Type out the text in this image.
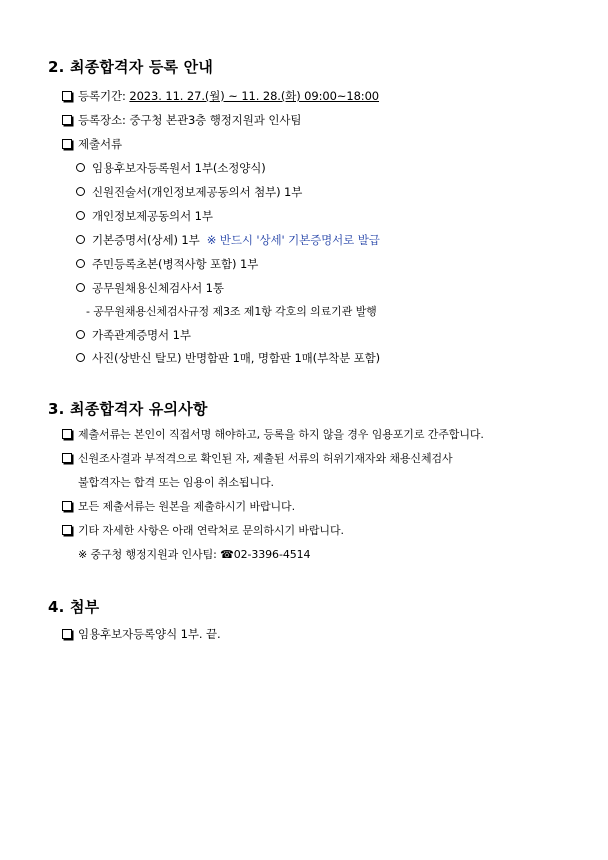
2. 최종합격자 등록 안내
등록기간: 2023. 11. 27.(월) ~ 11. 28.(화) 09:00~18:00
등록장소: 중구청 본관3층 행정지원과 인사팀
제출서류
임용후보자등록원서 1부(소정양식)
신원진술서(개인정보제공동의서 첨부) 1부
개인정보제공동의서 1부
기본증명서(상세) 1부 ※ 반드시 '상세' 기본증명서로 발급
주민등록초본(병적사항 포함) 1부
공무원채용신체검사서 1통
- 공무원채용신체검사규정 제3조 제1항 각호의 의료기관 발행
가족관계증명서 1부
사진(상반신 탈모) 반명함판 1매, 명함판 1매(부착분 포함)
3. 최종합격자 유의사항
제출서류는 본인이 직접서명 해야하고, 등록을 하지 않을 경우 임용포기로 간주합니다.
신원조사결과 부적격으로 확인된 자, 제출된 서류의 허위기재자와 채용신체검사
불합격자는 합격 또는 임용이 취소됩니다.
모든 제출서류는 원본을 제출하시기 바랍니다.
기타 자세한 사항은 아래 연락처로 문의하시기 바랍니다.
※ 중구청 행정지원과 인사팀: ☎02-3396-4514
4. 첨부
임용후보자등록양식 1부. 끝.
